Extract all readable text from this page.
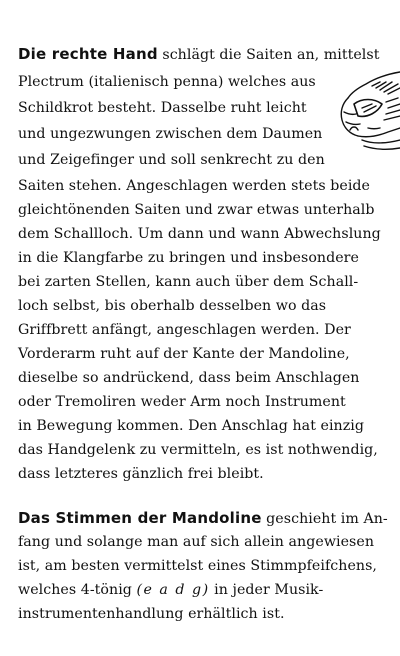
Die rechte Hand schlägt die Saiten an, mittelst
Plectrum (italienisch penna) welches aus
Schildkrot besteht. Dasselbe ruht leicht
und ungezwungen zwischen dem Daumen
und Zeigefinger und soll senkrecht zu den
Saiten stehen. Angeschlagen werden stets beide
gleichtönenden Saiten und zwar etwas unterhalb
dem Schallloch. Um dann und wann Abwechslung
in die Klangfarbe zu bringen und insbesondere
bei zarten Stellen, kann auch über dem Schall-
loch selbst, bis oberhalb desselben wo das
Griffbrett anfängt, angeschlagen werden. Der
Vorderarm ruht auf der Kante der Mandoline,
dieselbe so andrückend, dass beim Anschlagen
oder Tremoliren weder Arm noch Instrument
in Bewegung kommen. Den Anschlag hat einzig
das Handgelenk zu vermitteln, es ist nothwendig,
dass letzteres gänzlich frei bleibt.
Das Stimmen der Mandoline geschieht im An-
fang und solange man auf sich allein angewiesen
ist, am besten vermittelst eines Stimmpfeifchens,
welches 4-tönig (e a d g) in jeder Musik-
instrumentenhandlung erhältlich ist.
